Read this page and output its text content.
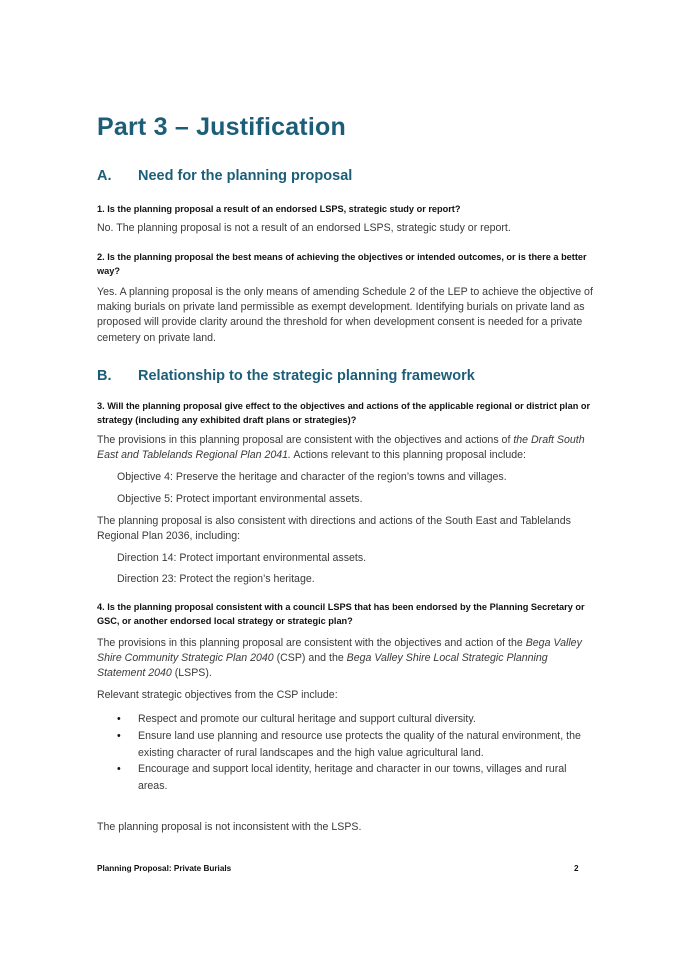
Part 3 – Justification

A. Need for the planning proposal

1. Is the planning proposal a result of an endorsed LSPS, strategic study or report?

No. The planning proposal is not a result of an endorsed LSPS, strategic study or report.

2. Is the planning proposal the best means of achieving the objectives or intended outcomes, or is there a better way?

Yes. A planning proposal is the only means of amending Schedule 2 of the LEP to achieve the objective of making burials on private land permissible as exempt development. Identifying burials on private land as proposed will provide clarity around the threshold for when development consent is needed for a private cemetery on private land.

B. Relationship to the strategic planning framework

3. Will the planning proposal give effect to the objectives and actions of the applicable regional or district plan or strategy (including any exhibited draft plans or strategies)?

The provisions in this planning proposal are consistent with the objectives and actions of the Draft South East and Tablelands Regional Plan 2041. Actions relevant to this planning proposal include:

Objective 4: Preserve the heritage and character of the region’s towns and villages.

Objective 5: Protect important environmental assets.

The planning proposal is also consistent with directions and actions of the South East and Tablelands Regional Plan 2036, including:

Direction 14: Protect important environmental assets.

Direction 23: Protect the region’s heritage.

4. Is the planning proposal consistent with a council LSPS that has been endorsed by the Planning Secretary or GSC, or another endorsed local strategy or strategic plan?

The provisions in this planning proposal are consistent with the objectives and action of the Bega Valley Shire Community Strategic Plan 2040 (CSP) and the Bega Valley Shire Local Strategic Planning Statement 2040 (LSPS).

Relevant strategic objectives from the CSP include:

• Respect and promote our cultural heritage and support cultural diversity.
• Ensure land use planning and resource use protects the quality of the natural environment, the existing character of rural landscapes and the high value agricultural land.
• Encourage and support local identity, heritage and character in our towns, villages and rural areas.

The planning proposal is not inconsistent with the LSPS.

Planning Proposal: Private Burials	2
